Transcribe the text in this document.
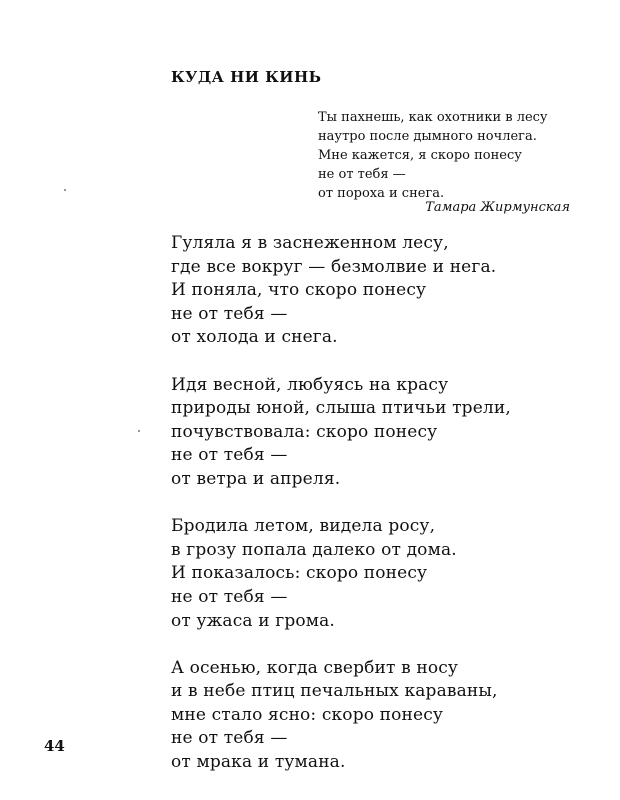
КУДА НИ КИНЬ
Ты пахнешь, как охотники в лесу
наутро после дымного ночлега.
Мне кажется, я скоро понесу
не от тебя —
от пороха и снега.
Тамара Жирмунская
Гуляла я в заснеженном лесу,
где все вокруг — безмолвие и нега.
И поняла, что скоро понесу
не от тебя —
от холода и снега.
Идя весной, любуясь на красу
природы юной, слыша птичьи трели,
почувствовала: скоро понесу
не от тебя —
от ветра и апреля.
Бродила летом, видела росу,
в грозу попала далеко от дома.
И показалось: скоро понесу
не от тебя —
от ужаса и грома.
А осенью, когда свербит в носу
и в небе птиц печальных караваны,
мне стало ясно: скоро понесу
не от тебя —
от мрака и тумана.
44
